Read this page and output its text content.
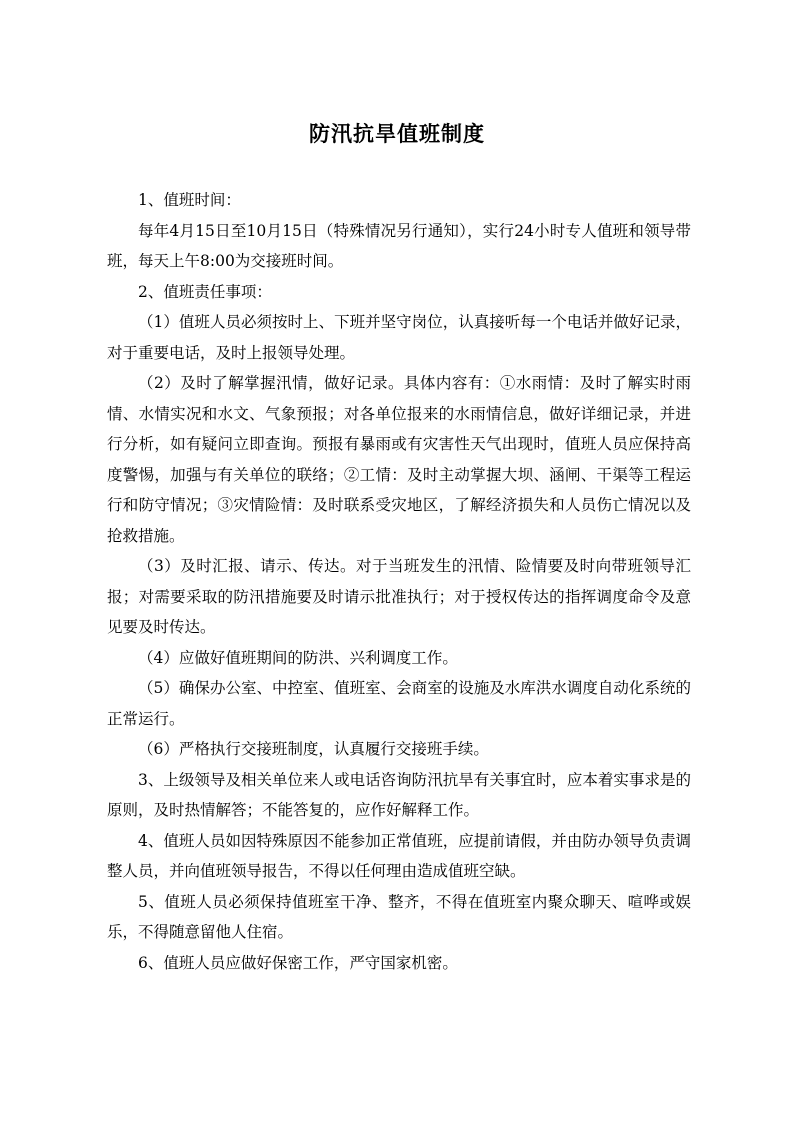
防汛抗旱值班制度

1、值班时间：

每年4月15日至10月15日（特殊情况另行通知），实行24小时专人值班和领导带班，每天上午8:00为交接班时间。

2、值班责任事项：

（1）值班人员必须按时上、下班并坚守岗位，认真接听每一个电话并做好记录，对于重要电话，及时上报领导处理。

（2）及时了解掌握汛情，做好记录。具体内容有：①水雨情：及时了解实时雨情、水情实况和水文、气象预报；对各单位报来的水雨情信息，做好详细记录，并进行分析，如有疑问立即查询。预报有暴雨或有灾害性天气出现时，值班人员应保持高度警惕，加强与有关单位的联络；②工情：及时主动掌握大坝、涵闸、干渠等工程运行和防守情况；③灾情险情：及时联系受灾地区，了解经济损失和人员伤亡情况以及抢救措施。

（3）及时汇报、请示、传达。对于当班发生的汛情、险情要及时向带班领导汇报；对需要采取的防汛措施要及时请示批准执行；对于授权传达的指挥调度命令及意见要及时传达。

（4）应做好值班期间的防洪、兴利调度工作。

（5）确保办公室、中控室、值班室、会商室的设施及水库洪水调度自动化系统的正常运行。

（6）严格执行交接班制度，认真履行交接班手续。

3、上级领导及相关单位来人或电话咨询防汛抗旱有关事宜时，应本着实事求是的原则，及时热情解答；不能答复的，应作好解释工作。

4、值班人员如因特殊原因不能参加正常值班，应提前请假，并由防办领导负责调整人员，并向值班领导报告，不得以任何理由造成值班空缺。

5、值班人员必须保持值班室干净、整齐，不得在值班室内聚众聊天、喧哗或娱乐，不得随意留他人住宿。

6、值班人员应做好保密工作，严守国家机密。
